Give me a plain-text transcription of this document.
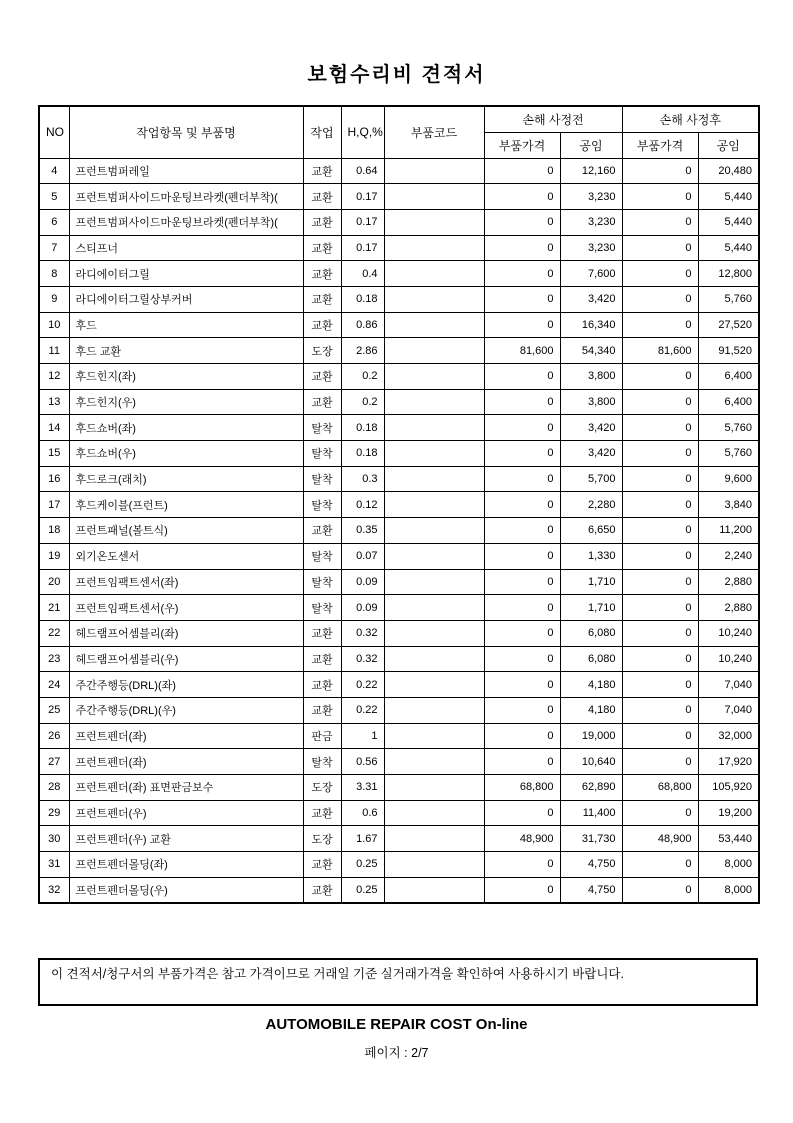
보험수리비 견적서
NO	작업항목 및 부품명	작업	H,Q,%	부품코드	손해 사정전		손해 사정후	
					부품가격	공임	부품가격	공임
4	프런트범퍼레일	교환	0.64		0	12,160	0	20,480
5	프런트범퍼사이드마운팅브라켓(펜더부착)(	교환	0.17		0	3,230	0	5,440
6	프런트범퍼사이드마운팅브라켓(펜더부착)(	교환	0.17		0	3,230	0	5,440
7	스티프너	교환	0.17		0	3,230	0	5,440
8	라디에이터그릴	교환	0.4		0	7,600	0	12,800
9	라디에이터그릴상부커버	교환	0.18		0	3,420	0	5,760
10	후드	교환	0.86		0	16,340	0	27,520
11	후드 교환	도장	2.86		81,600	54,340	81,600	91,520
12	후드힌지(좌)	교환	0.2		0	3,800	0	6,400
13	후드힌지(우)	교환	0.2		0	3,800	0	6,400
14	후드쇼버(좌)	탈착	0.18		0	3,420	0	5,760
15	후드쇼버(우)	탈착	0.18		0	3,420	0	5,760
16	후드로크(래치)	탈착	0.3		0	5,700	0	9,600
17	후드케이블(프런트)	탈착	0.12		0	2,280	0	3,840
18	프런트패널(볼트식)	교환	0.35		0	6,650	0	11,200
19	외기온도센서	탈착	0.07		0	1,330	0	2,240
20	프런트임팩트센서(좌)	탈착	0.09		0	1,710	0	2,880
21	프런트임팩트센서(우)	탈착	0.09		0	1,710	0	2,880
22	헤드램프어셈블리(좌)	교환	0.32		0	6,080	0	10,240
23	헤드램프어셈블리(우)	교환	0.32		0	6,080	0	10,240
24	주간주행등(DRL)(좌)	교환	0.22		0	4,180	0	7,040
25	주간주행등(DRL)(우)	교환	0.22		0	4,180	0	7,040
26	프런트펜더(좌)	판금	1		0	19,000	0	32,000
27	프런트펜더(좌)	탈착	0.56		0	10,640	0	17,920
28	프런트펜더(좌) 표면판금보수	도장	3.31		68,800	62,890	68,800	105,920
29	프런트펜더(우)	교환	0.6		0	11,400	0	19,200
30	프런트펜더(우) 교환	도장	1.67		48,900	31,730	48,900	53,440
31	프런트펜더몰딩(좌)	교환	0.25		0	4,750	0	8,000
32	프런트펜더몰딩(우)	교환	0.25		0	4,750	0	8,000
이 견적서/청구서의 부품가격은 참고 가격이므로 거래일 기준 실거래가격을 확인하여 사용하시기 바랍니다.
AUTOMOBILE REPAIR COST On-line
페이지 : 2/7
